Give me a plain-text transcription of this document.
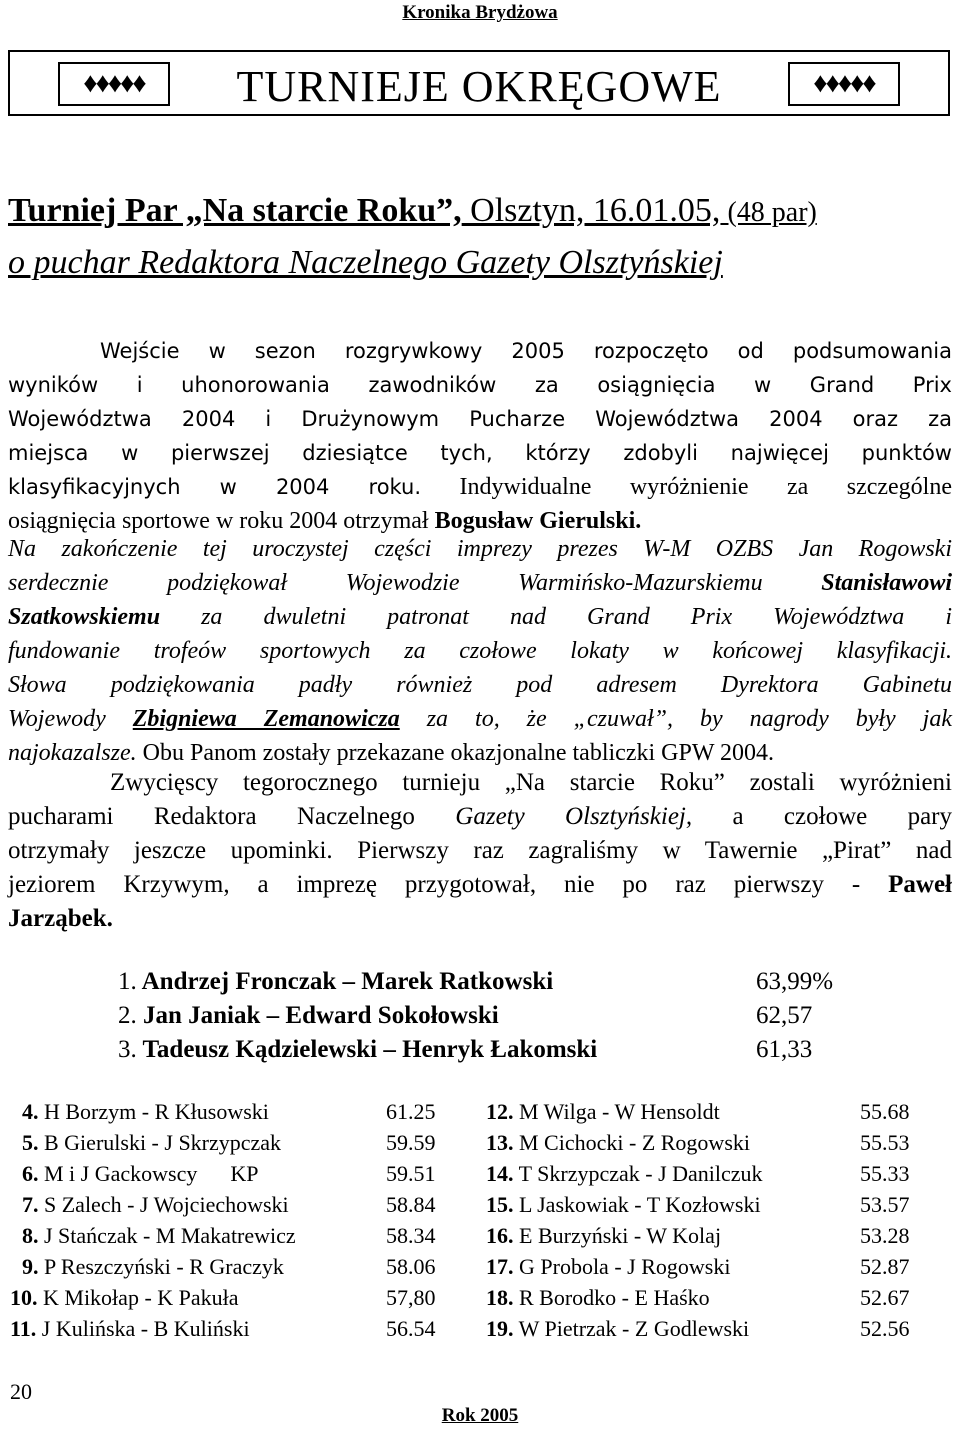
Kronika Brydżowa
♦♦♦♦♦	TURNIEJE OKRĘGOWE	♦♦♦♦♦
Turniej Par „Na starcie Roku”, Olsztyn, 16.01.05, (48 par)
o puchar Redaktora Naczelnego Gazety Olsztyńskiej
Wejście w sezon rozgrywkowy 2005 rozpoczęto od podsumowania
wyników i uhonorowania zawodników za osiągnięcia w Grand Prix
Województwa 2004 i Drużynowym Pucharze Województwa 2004 oraz za
miejsca w pierwszej dziesiątce tych, którzy zdobyli najwięcej punktów
klasyfikacyjnych w 2004 roku. Indywidualne wyróżnienie za szczególne
osiągnięcia sportowe w roku 2004 otrzymał Bogusław Gierulski.
Na zakończenie tej uroczystej części imprezy prezes W-M OZBS Jan Rogowski
serdecznie podziękował Wojewodzie Warmińsko-Mazurskiemu Stanisławowi
Szatkowskiemu za dwuletni patronat nad Grand Prix Województwa i
fundowanie trofeów sportowych za czołowe lokaty w końcowej klasyfikacji.
Słowa podziękowania padły również pod adresem Dyrektora Gabinetu
Wojewody Zbigniewa Zemanowicza za to, że „czuwał”, by nagrody były jak
najokazalsze. Obu Panom zostały przekazane okazjonalne tabliczki GPW 2004.
Zwycięscy tegorocznego turnieju „Na starcie Roku” zostali wyróżnieni
pucharami Redaktora Naczelnego Gazety Olsztyńskiej, a czołowe pary
otrzymały jeszcze upominki. Pierwszy raz zagraliśmy w Tawernie „Pirat” nad
jeziorem Krzywym, a imprezę przygotował, nie po raz pierwszy - Paweł
Jarząbek.
1. Andrzej Fronczak – Marek Ratkowski	63,99%
2. Jan Janiak – Edward Sokołowski	62,57
3. Tadeusz Kądzielewski – Henryk Łakomski	61,33
4. H Borzym - R Kłusowski	61.25
5. B Gierulski - J Skrzypczak	59.59
6. M i J Gackowscy      KP	59.51
7. S Zalech - J Wojciechowski	58.84
8. J Stańczak - M Makatrewicz	58.34
9. P Reszczyński - R Graczyk	58.06
10. K Mikołap - K Pakuła	57,80
11. J Kulińska - B Kuliński	56.54
12. M Wilga - W Hensoldt	55.68
13. M Cichocki - Z Rogowski	55.53
14. T Skrzypczak - J Danilczuk	55.33
15. L Jaskowiak - T Kozłowski	53.57
16. E Burzyński - W Kolaj	53.28
17. G Probola - J Rogowski	52.87
18. R Borodko - E Haśko	52.67
19. W Pietrzak - Z Godlewski	52.56
20
Rok 2005
